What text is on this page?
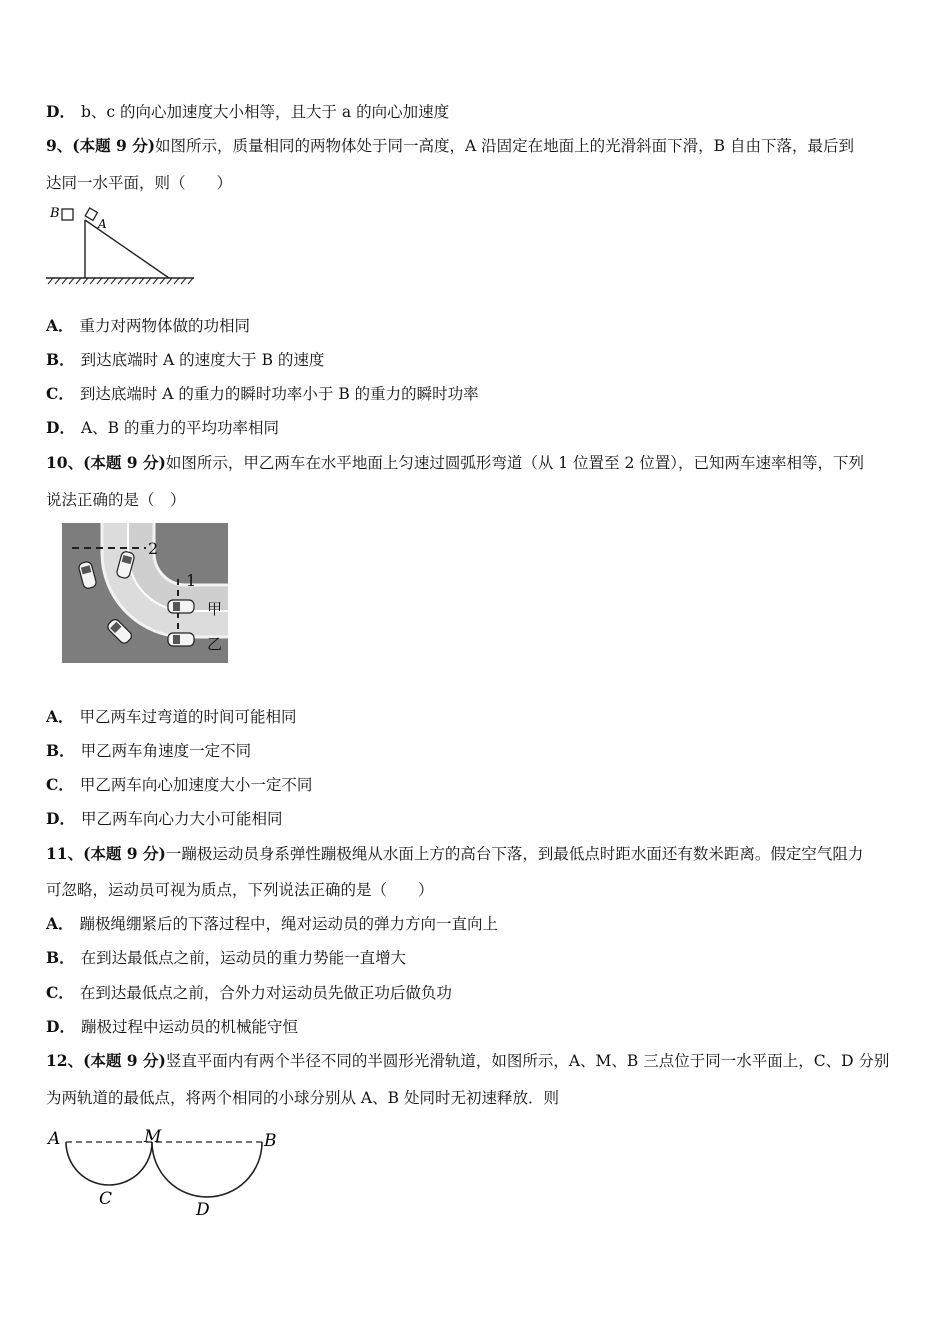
D． b、c 的向心加速度大小相等，且大于 a 的向心加速度
9、(本题 9 分)如图所示，质量相同的两物体处于同一高度，A 沿固定在地面上的光滑斜面下滑，B 自由下落，最后到
达同一水平面，则（　　）
B
A
A． 重力对两物体做的功相同
B． 到达底端时 A 的速度大于 B 的速度
C． 到达底端时 A 的重力的瞬时功率小于 B 的重力的瞬时功率
D． A、B 的重力的平均功率相同
10、(本题 9 分)如图所示，甲乙两车在水平地面上匀速过圆弧形弯道（从 1 位置至 2 位置），已知两车速率相等，下列
说法正确的是（　）
2
1
甲
乙
A． 甲乙两车过弯道的时间可能相同
B． 甲乙两车角速度一定不同
C． 甲乙两车向心加速度大小一定不同
D． 甲乙两车向心力大小可能相同
11、(本题 9 分)一蹦极运动员身系弹性蹦极绳从水面上方的高台下落，到最低点时距水面还有数米距离。假定空气阻力
可忽略，运动员可视为质点，下列说法正确的是（　　）
A． 蹦极绳绷紧后的下落过程中，绳对运动员的弹力方向一直向上
B． 在到达最低点之前，运动员的重力势能一直增大
C． 在到达最低点之前，合外力对运动员先做正功后做负功
D． 蹦极过程中运动员的机械能守恒
12、(本题 9 分)竖直平面内有两个半径不同的半圆形光滑轨道，如图所示，A、M、B 三点位于同一水平面上，C、D 分别
为两轨道的最低点，将两个相同的小球分别从 A、B 处同时无初速释放．则
A	M	B
C
D
